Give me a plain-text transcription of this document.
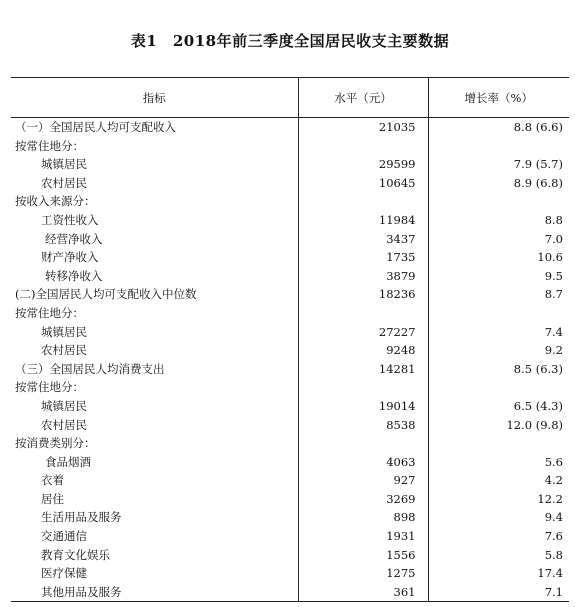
表1　2018年前三季度全国居民收支主要数据
指标	水平（元）	增长率（%）
（一）全国居民人均可支配收入	21035	8.8 (6.6)
按常住地分：		
城镇居民	29599	7.9 (5.7)
农村居民	10645	8.9 (6.8)
按收入来源分：		
工资性收入	11984	8.8
经营净收入	3437	7.0
财产净收入	1735	10.6
转移净收入	3879	9.5
(二)全国居民人均可支配收入中位数	18236	8.7
按常住地分：		
城镇居民	27227	7.4
农村居民	9248	9.2
（三）全国居民人均消费支出	14281	8.5 (6.3)
按常住地分：		
城镇居民	19014	6.5 (4.3)
农村居民	8538	12.0 (9.8)
按消费类别分：		
食品烟酒	4063	5.6
衣着	927	4.2
居住	3269	12.2
生活用品及服务	898	9.4
交通通信	1931	7.6
教育文化娱乐	1556	5.8
医疗保健	1275	17.4
其他用品及服务	361	7.1
